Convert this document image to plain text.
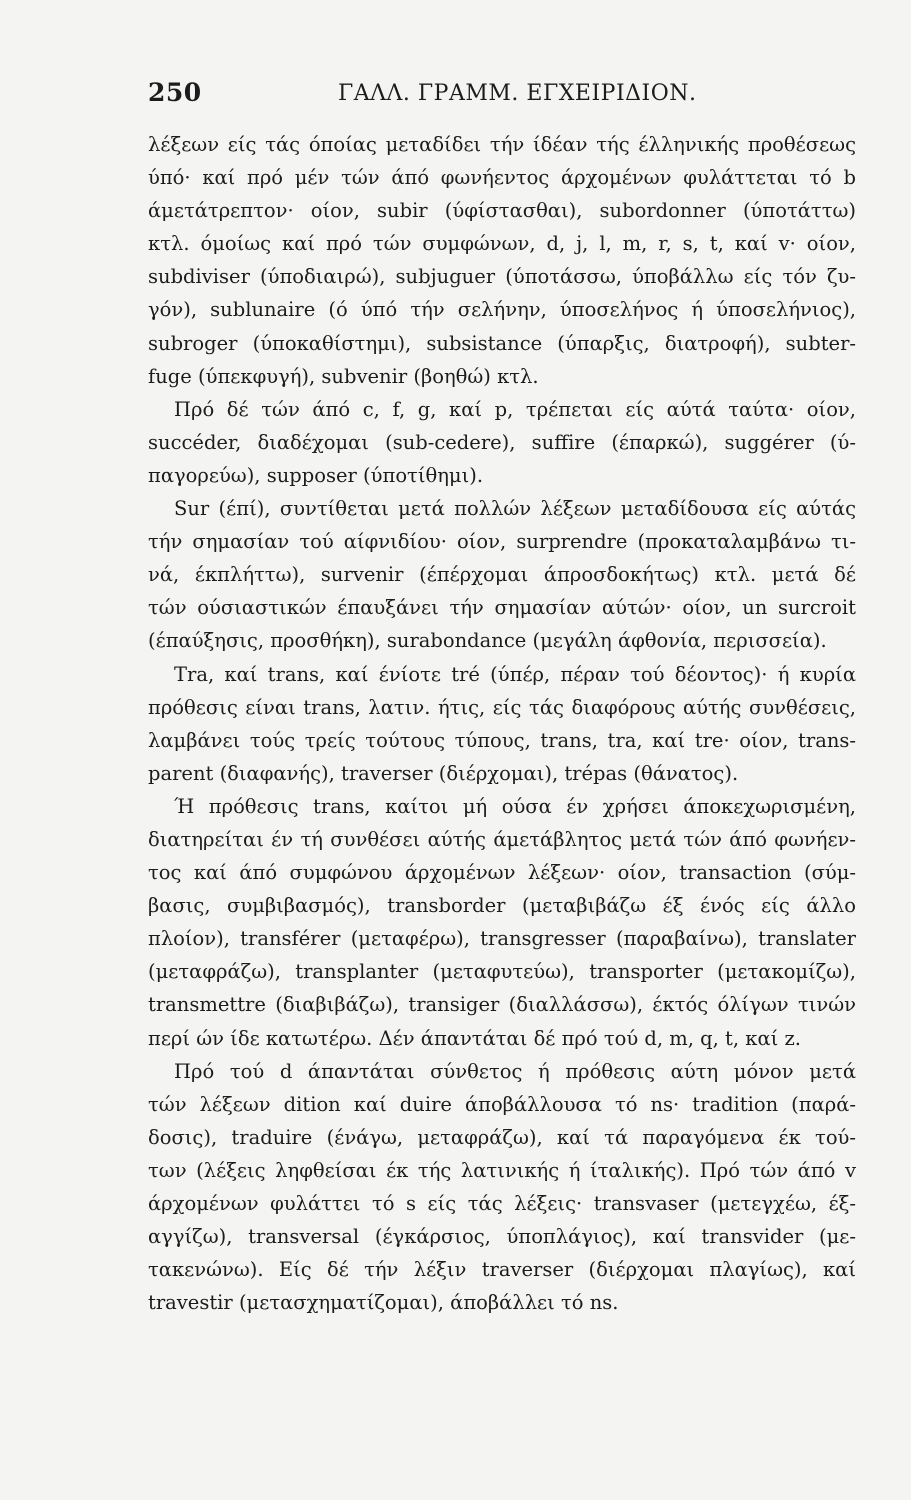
250	ΓΑΛΛ. ΓΡΑΜΜ. ΕΓΧΕΙΡΙΔΙΟΝ.
λέξεων είς τάς όποίας μεταδίδει τήν ίδέαν τής έλληνικής προθέσεως
ύπό· καί πρό μέν τών άπό φωνήεντος άρχομένων φυλάττεται τό b
άμετάτρεπτον· οίον, subir (ύφίστασθαι), subordonner (ύποτάττω)
κτλ. όμοίως καί πρό τών συμφώνων, d, j, l, m, r, s, t, καί v· οίον,
subdiviser (ύποδιαιρώ), subjuguer (ύποτάσσω, ύποβάλλω είς τόν ζυ-
γόν), sublunaire (ό ύπό τήν σελήνην, ύποσελήνος ή ύποσελήνιος),
subroger (ύποκαθίστημι), subsistance (ύπαρξις, διατροφή), subter-
fuge (ύπεκφυγή), subvenir (βοηθώ) κτλ.
Πρό δέ τών άπό c, f, g, καί p, τρέπεται είς αύτά ταύτα· οίον,
succéder, διαδέχομαι (sub-cedere), suffire (έπαρκώ), suggérer (ύ-
παγορεύω), supposer (ύποτίθημι).
Sur (έπί), συντίθεται μετά πολλών λέξεων μεταδίδουσα είς αύτάς
τήν σημασίαν τού αίφνιδίου· οίον, surprendre (προκαταλαμβάνω τι-
νά, έκπλήττω), survenir (έπέρχομαι άπροσδοκήτως) κτλ. μετά δέ
τών ούσιαστικών έπαυξάνει τήν σημασίαν αύτών· οίον, un surcroit
(έπαύξησις, προσθήκη), surabondance (μεγάλη άφθονία, περισσεία).
Tra, καί trans, καί ένίοτε tré (ύπέρ, πέραν τού δέοντος)· ή κυρία
πρόθεσις είναι trans, λατιν. ήτις, είς τάς διαφόρους αύτής συνθέσεις,
λαμβάνει τούς τρείς τούτους τύπους, trans, tra, καί tre· οίον, trans-
parent (διαφανής), traverser (διέρχομαι), trépas (θάνατος).
Ή πρόθεσις trans, καίτοι μή ούσα έν χρήσει άποκεχωρισμένη,
διατηρείται έν τή συνθέσει αύτής άμετάβλητος μετά τών άπό φωνήεν-
τος καί άπό συμφώνου άρχομένων λέξεων· οίον, transaction (σύμ-
βασις, συμβιβασμός), transborder (μεταβιβάζω έξ ένός είς άλλο
πλοίον), transférer (μεταφέρω), transgresser (παραβαίνω), translater
(μεταφράζω), transplanter (μεταφυτεύω), transporter (μετακομίζω),
transmettre (διαβιβάζω), transiger (διαλλάσσω), έκτός όλίγων τινών
περί ών ίδε κατωτέρω. Δέν άπαντάται δέ πρό τού d, m, q, t, καί z.
Πρό τού d άπαντάται σύνθετος ή πρόθεσις αύτη μόνον μετά
τών λέξεων dition καί duire άποβάλλουσα τό ns· tradition (παρά-
δοσις), traduire (ένάγω, μεταφράζω), καί τά παραγόμενα έκ τού-
των (λέξεις ληφθείσαι έκ τής λατινικής ή ίταλικής). Πρό τών άπό v
άρχομένων φυλάττει τό s είς τάς λέξεις· transvaser (μετεγχέω, έξ-
αγγίζω), transversal (έγκάρσιος, ύποπλάγιος), καί transvider (με-
τακενώνω). Είς δέ τήν λέξιν traverser (διέρχομαι πλαγίως), καί
travestir (μετασχηματίζομαι), άποβάλλει τό ns.
